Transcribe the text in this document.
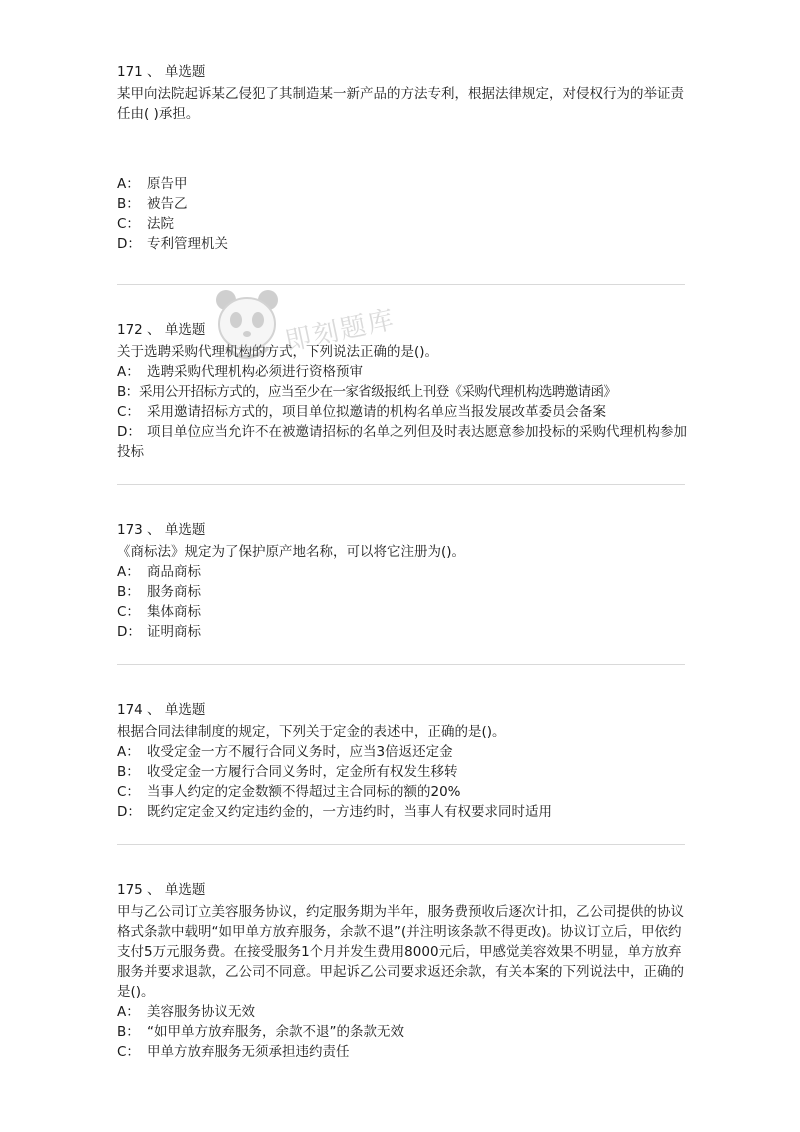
171 、 单选题

某甲向法院起诉某乙侵犯了其制造某一新产品的方法专利，根据法律规定，对侵权行为的举证责任由( )承担。

A： 原告甲

B： 被告乙

C： 法院

D： 专利管理机关

172 、 单选题

关于选聘采购代理机构的方式，下列说法正确的是()。

A： 选聘采购代理机构必须进行资格预审

B：采用公开招标方式的，应当至少在一家省级报纸上刊登《采购代理机构选聘邀请函》

C： 采用邀请招标方式的，项目单位拟邀请的机构名单应当报发展改革委员会备案

D： 项目单位应当允许不在被邀请招标的名单之列但及时表达愿意参加投标的采购代理机构参加投标

173 、 单选题

《商标法》规定为了保护原产地名称，可以将它注册为()。

A： 商品商标

B： 服务商标

C： 集体商标

D： 证明商标

174 、 单选题

根据合同法律制度的规定，下列关于定金的表述中，正确的是()。

A： 收受定金一方不履行合同义务时，应当3倍返还定金

B： 收受定金一方履行合同义务时，定金所有权发生移转

C： 当事人约定的定金数额不得超过主合同标的额的20%

D： 既约定定金又约定违约金的，一方违约时，当事人有权要求同时适用

175 、 单选题

甲与乙公司订立美容服务协议，约定服务期为半年，服务费预收后逐次计扣，乙公司提供的协议格式条款中载明“如甲单方放弃服务，余款不退”(并注明该条款不得更改)。协议订立后，甲依约支付5万元服务费。在接受服务1个月并发生费用8000元后，甲感觉美容效果不明显，单方放弃服务并要求退款，乙公司不同意。甲起诉乙公司要求返还余款，有关本案的下列说法中，正确的是()。

A： 美容服务协议无效

B： “如甲单方放弃服务，余款不退”的条款无效

C： 甲单方放弃服务无须承担违约责任

即刻题库
